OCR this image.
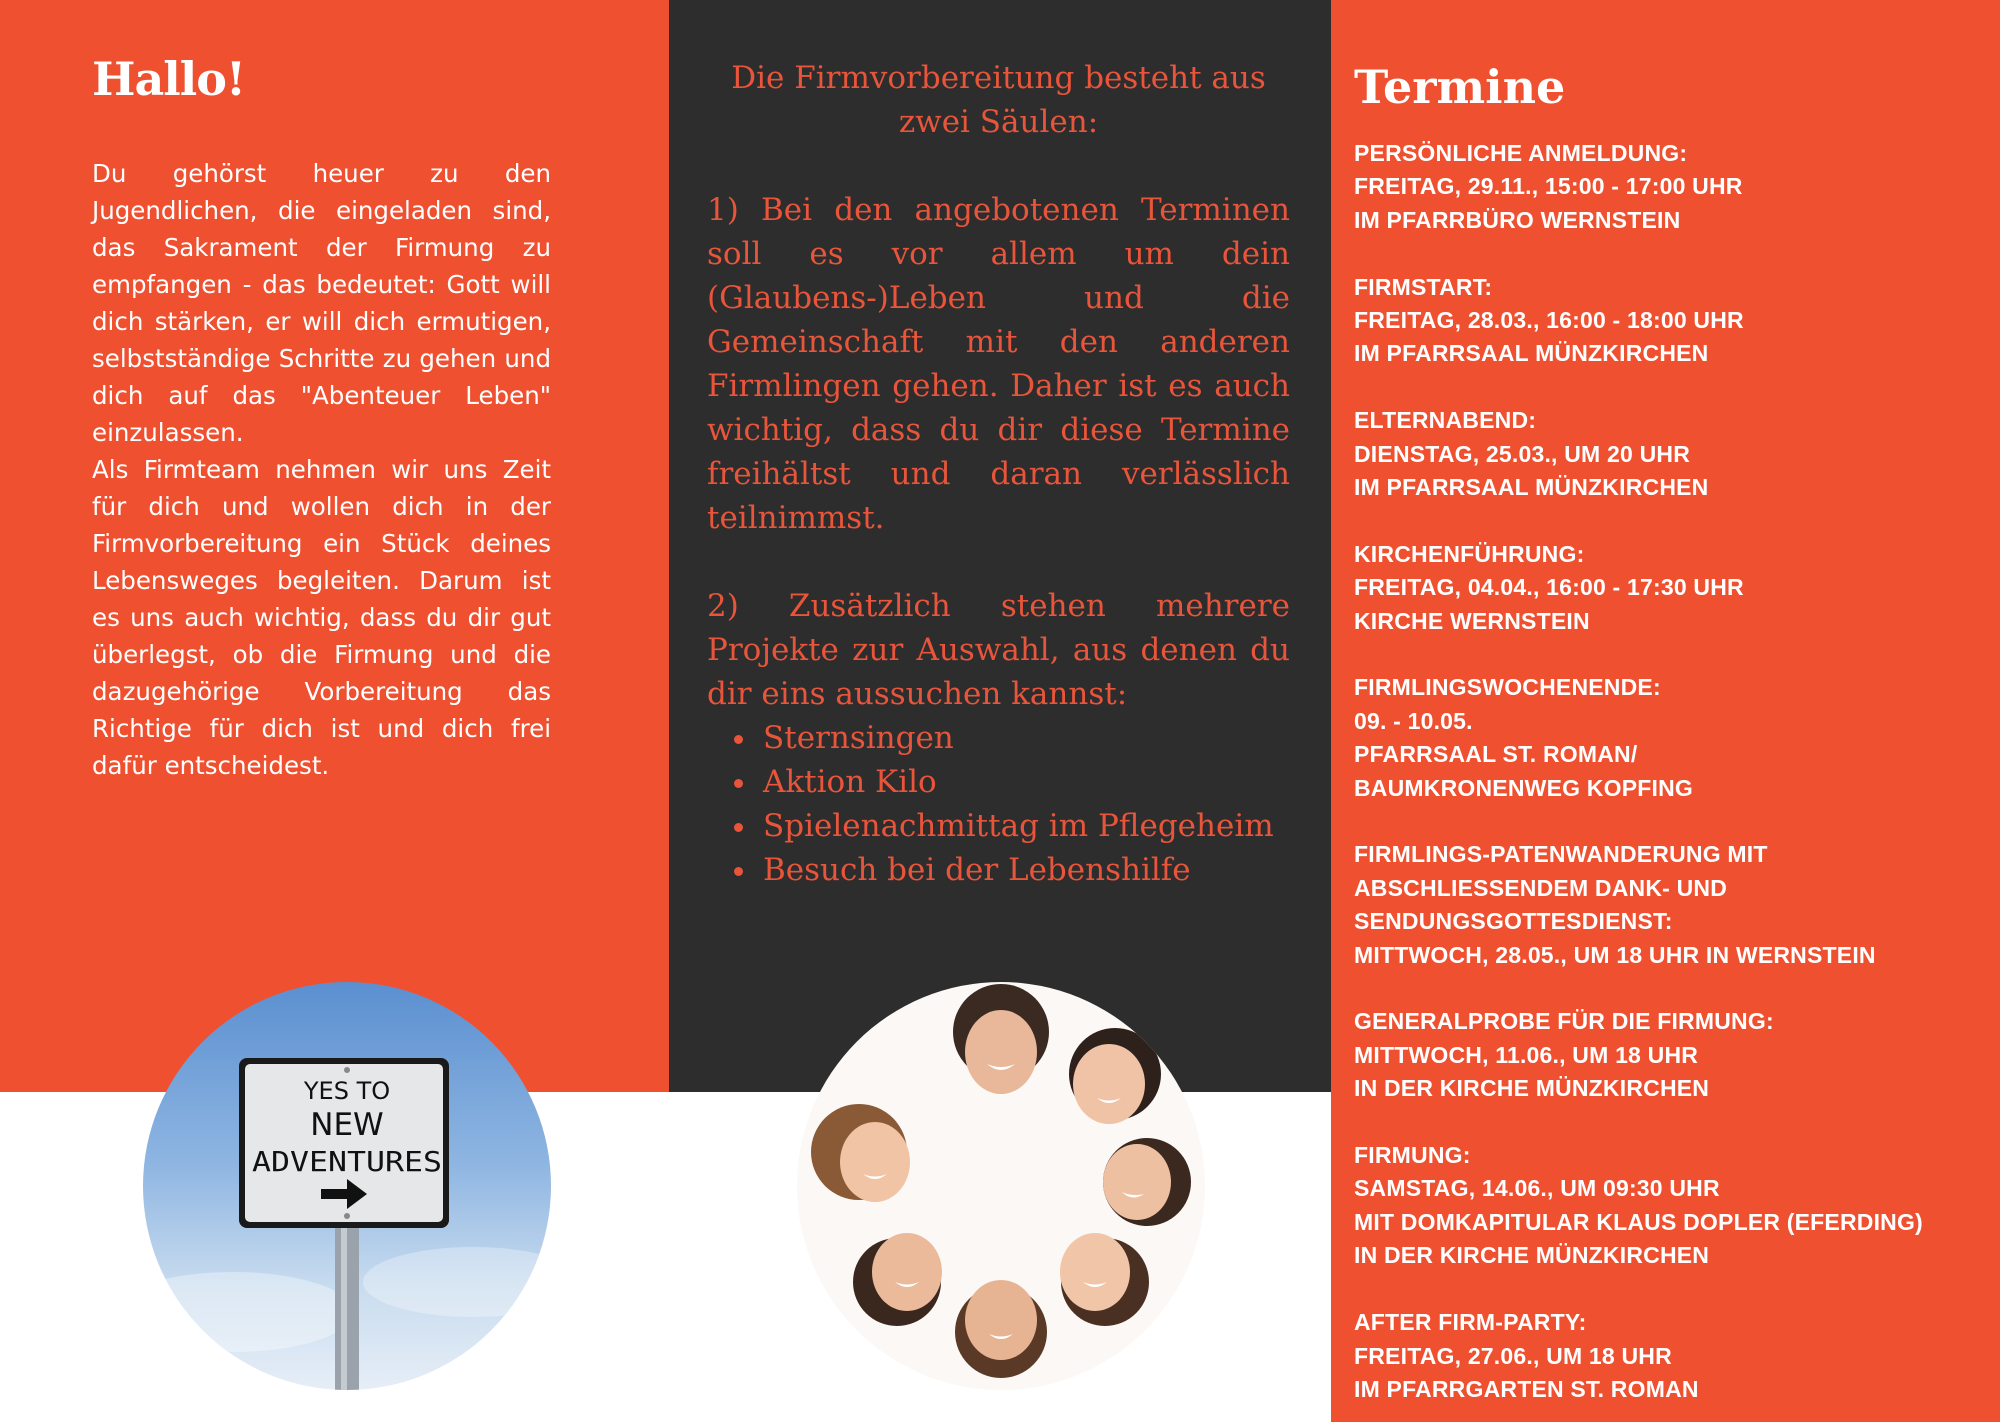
Hallo!

Du gehörst heuer zu den Jugendlichen, die eingeladen sind, das Sakrament der Firmung zu empfangen - das bedeutet: Gott will dich stärken, er will dich ermutigen, selbstständige Schritte zu gehen und dich auf das "Abenteuer Leben" einzulassen.

Als Firmteam nehmen wir uns Zeit für dich und wollen dich in der Firmvorbereitung ein Stück deines Lebensweges begleiten. Darum ist es uns auch wichtig, dass du dir gut überlegst, ob die Firmung und die dazugehörige Vorbereitung das Richtige für dich ist und dich frei dafür entscheidest.

YES TO
NEW
ADVENTURES

Die Firmvorbereitung besteht aus zwei Säulen:

1) Bei den angebotenen Terminen soll es vor allem um dein (Glaubens-)Leben und die Gemeinschaft mit den anderen Firmlingen gehen. Daher ist es auch wichtig, dass du dir diese Termine freihältst und daran verlässlich teilnimmst.

2) Zusätzlich stehen mehrere Projekte zur Auswahl, aus denen du dir eins aussuchen kannst:

Sternsingen
Aktion Kilo
Spielenachmittag im Pflegeheim
Besuch bei der Lebenshilfe
Termine
PERSÖNLICHE ANMELDUNG:
FREITAG, 29.11., 15:00 - 17:00 UHR
IM PFARRBÜRO WERNSTEIN
FIRMSTART:
FREITAG, 28.03., 16:00 - 18:00 UHR
IM PFARRSAAL MÜNZKIRCHEN
ELTERNABEND:
DIENSTAG, 25.03., UM 20 UHR
IM PFARRSAAL MÜNZKIRCHEN
KIRCHENFÜHRUNG:
FREITAG, 04.04., 16:00 - 17:30 UHR
KIRCHE WERNSTEIN
FIRMLINGSWOCHENENDE:
09. - 10.05.
PFARRSAAL ST. ROMAN/
BAUMKRONENWEG KOPFING
FIRMLINGS-PATENWANDERUNG MIT
ABSCHLIESSENDEM DANK- UND
SENDUNGSGOTTESDIENST:
MITTWOCH, 28.05., UM 18 UHR IN WERNSTEIN
GENERALPROBE FÜR DIE FIRMUNG:
MITTWOCH, 11.06., UM 18 UHR
IN DER KIRCHE MÜNZKIRCHEN
FIRMUNG:
SAMSTAG, 14.06., UM 09:30 UHR
MIT DOMKAPITULAR KLAUS DOPLER (EFERDING)
IN DER KIRCHE MÜNZKIRCHEN
AFTER FIRM-PARTY:
FREITAG, 27.06., UM 18 UHR
IM PFARRGARTEN ST. ROMAN
